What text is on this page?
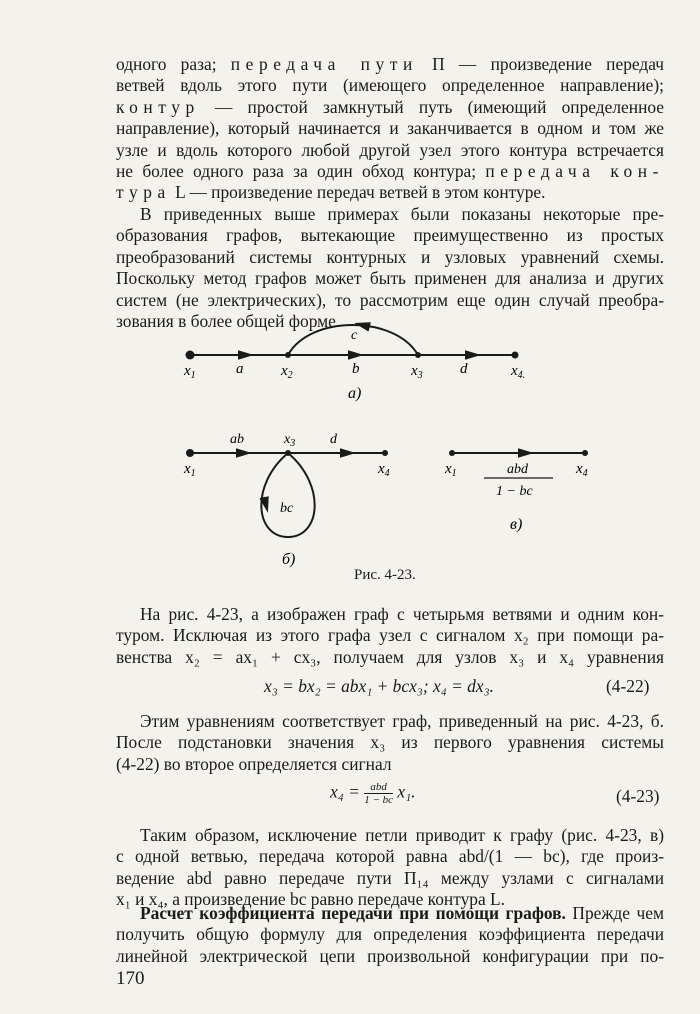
одного раза; передача пути П — произведение передач
ветвей вдоль этого пути (имеющего определенное направление);
контур — простой замкнутый путь (имеющий определенное
направление), который начинается и заканчивается в одном и том же
узле и вдоль которого любой другой узел этого контура встречается
не более одного раза за один обход контура; передача кон-
тура L — произведение передач ветвей в этом контуре.
В приведенных выше примерах были показаны некоторые пре-
образования графов, вытекающие преимущественно из простых
преобразований системы контурных и узловых уравнений схемы.
Поскольку метод графов может быть применен для анализа и других
систем (не электрических), то рассмотрим еще один случай преобра-
зования в более общей форме.
c
$x_1$	a	$x_2$	b	$x_3$ d	$x_{4.}$
а)
ab	$x_3$ d
$x_1$	$x_4$
bc
б)
$x_1$	$x_4$
abd
1 − bc
в)
Рис. 4-23.
На рис. 4-23, а изображен граф с четырьмя ветвями и одним кон-
туром. Исключая из этого графа узел с сигналом x₂ при помощи ра-
венства x₂ = ax₁ + cx₃, получаем для узлов x₃ и x₄ уравнения
x₃ = bx₂ = abx₁ + bcx₃; x₄ = dx₃.	(4-22)
Этим уравнениям соответствует граф, приведенный на рис. 4-23, б.
После подстановки значения x₃ из первого уравнения системы
(4-22) во второе определяется сигнал
$x_4 = \frac{\text{abd}}{1 - bc} x_1$.	(4-23)
Таким образом, исключение петли приводит к графу (рис. 4-23, в)
с одной ветвью, передача которой равна abd/(1 — bc), где произ-
ведение abd равно передаче пути П₁₄ между узлами с сигналами
x₁ и x₄, а произведение bc равно передаче контура L.
Расчет коэффициента передачи при помощи графов. Прежде чем
получить общую формулу для определения коэффициента передачи
линейной электрической цепи произвольной конфигурации при по-
170
